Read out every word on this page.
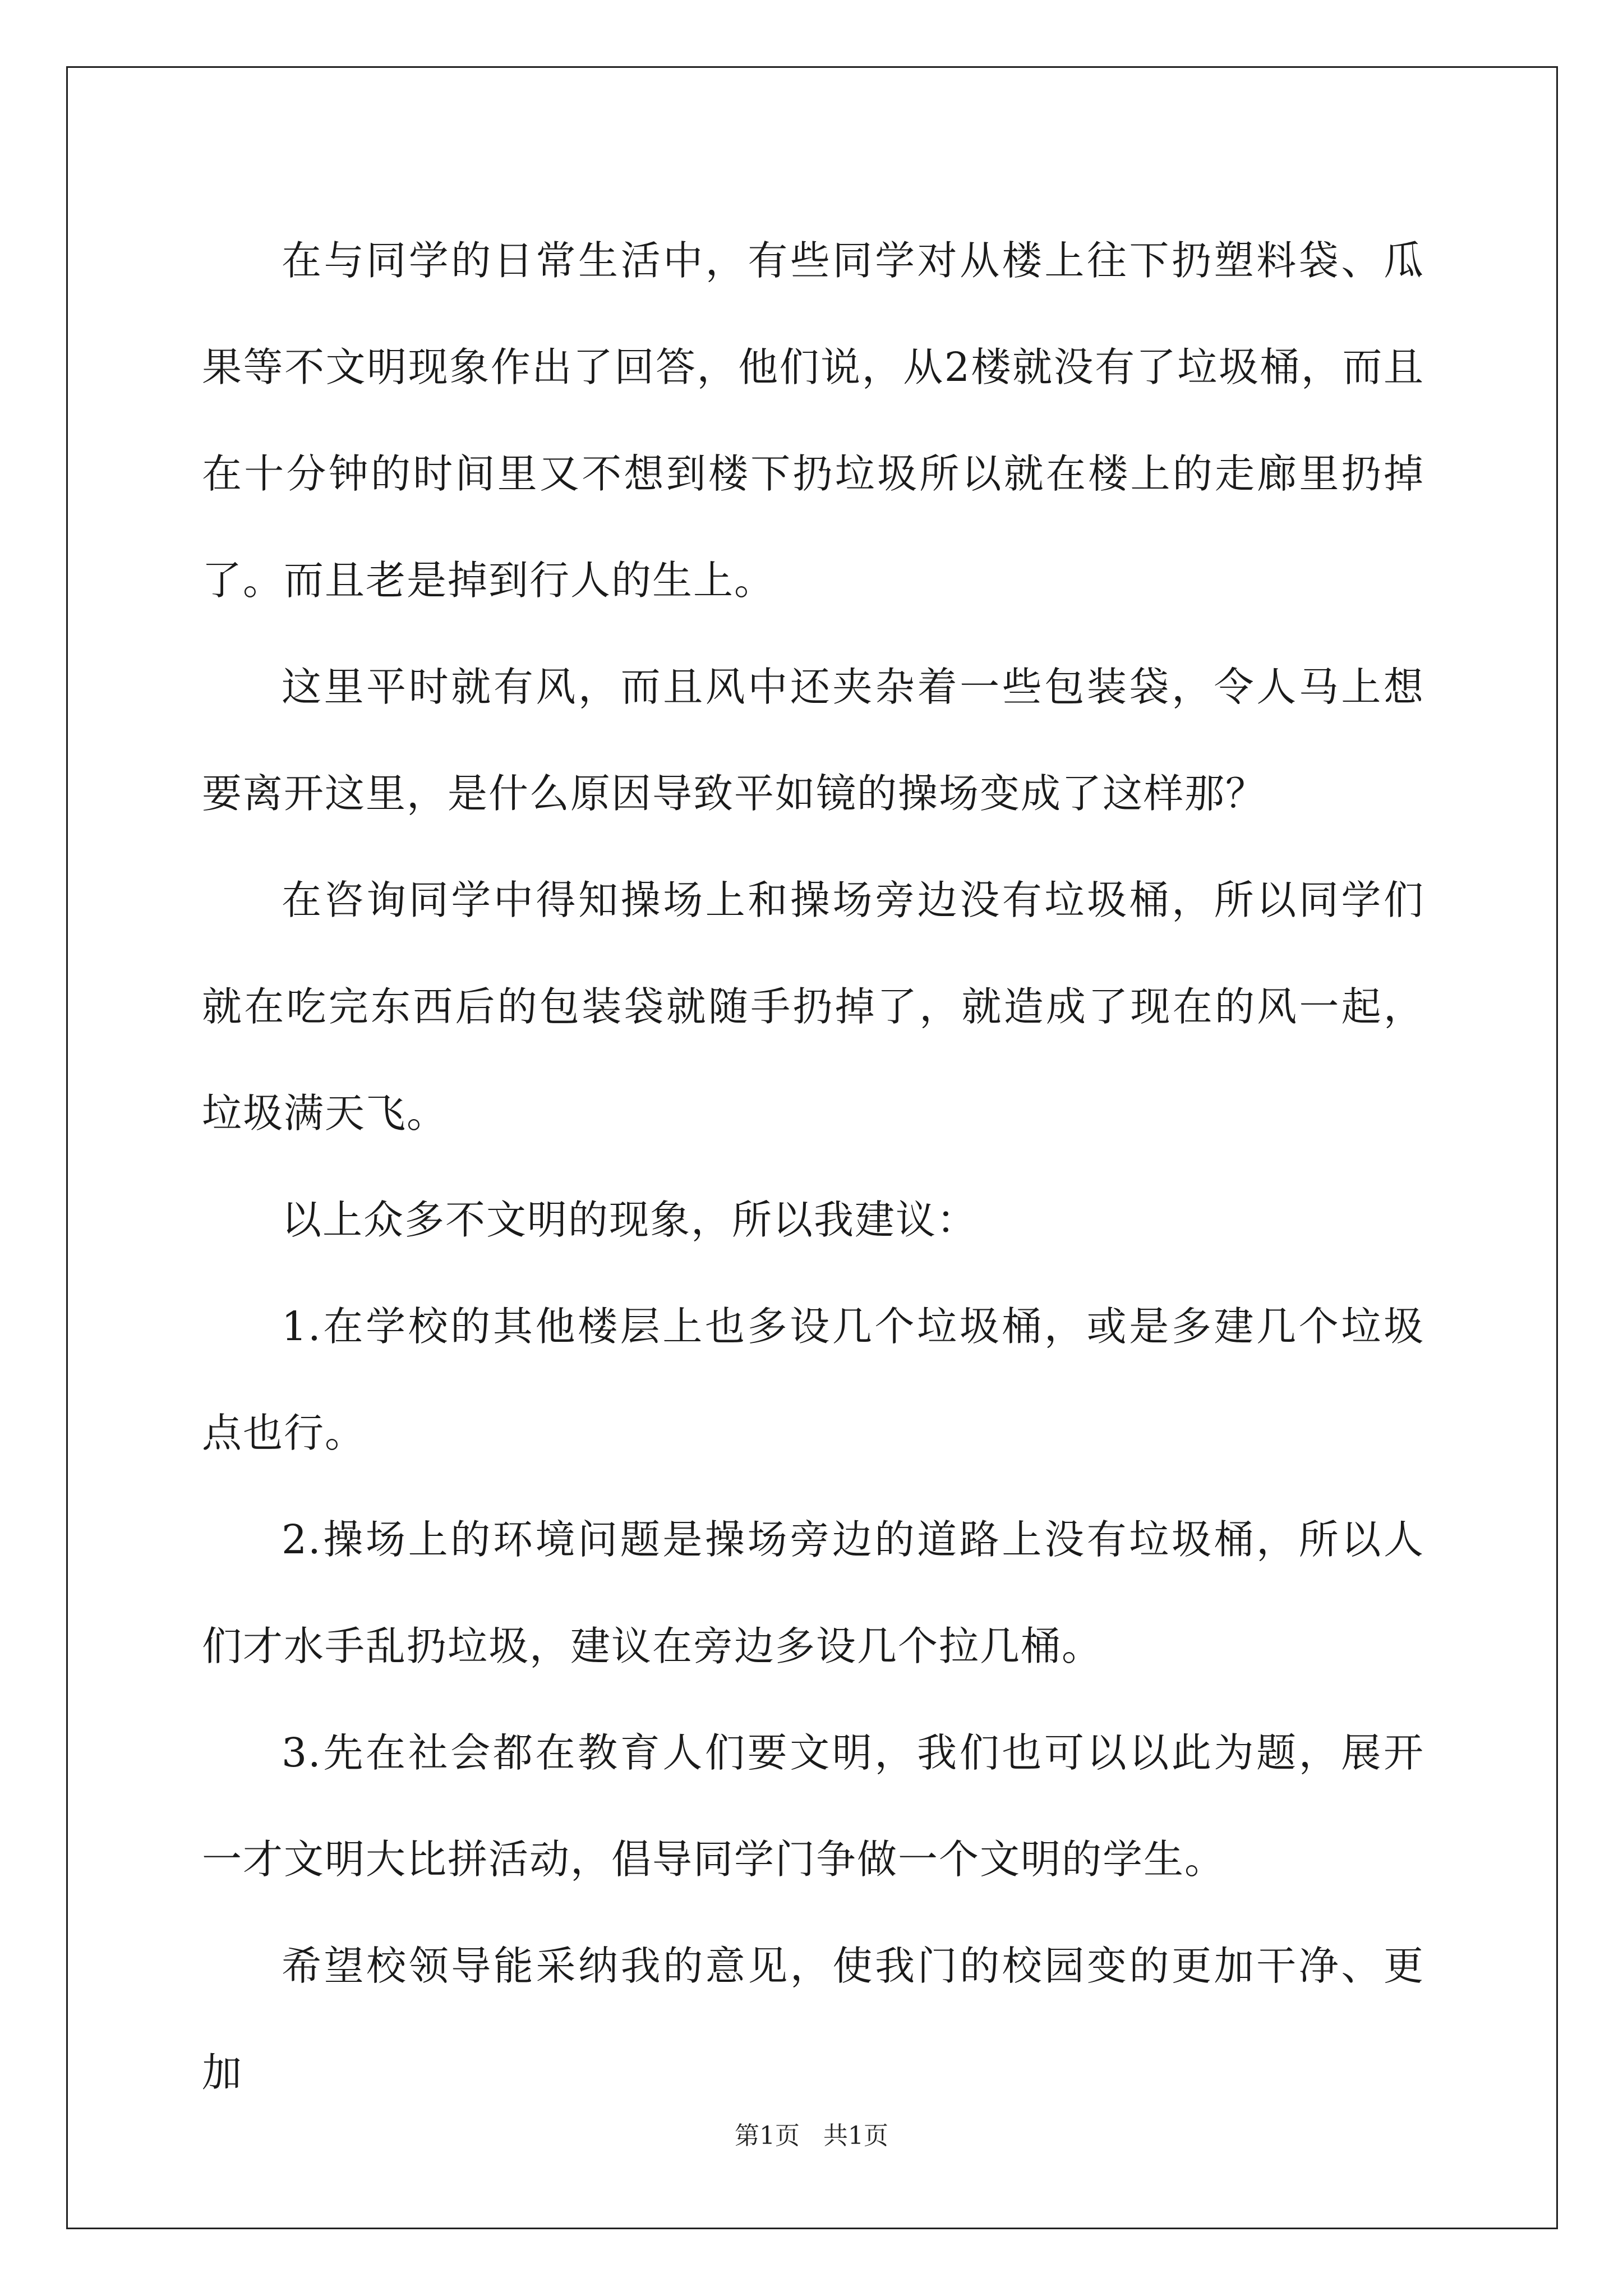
在与同学的日常生活中，有些同学对从楼上往下扔塑料袋、瓜果等不文明现象作出了回答，他们说，从2楼就没有了垃圾桶，而且在十分钟的时间里又不想到楼下扔垃圾所以就在楼上的走廊里扔掉了。而且老是掉到行人的生上。

这里平时就有风，而且风中还夹杂着一些包装袋，令人马上想要离开这里，是什么原因导致平如镜的操场变成了这样那？

在咨询同学中得知操场上和操场旁边没有垃圾桶，所以同学们就在吃完东西后的包装袋就随手扔掉了，就造成了现在的风一起，垃圾满天飞。

以上众多不文明的现象，所以我建议：

1.在学校的其他楼层上也多设几个垃圾桶，或是多建几个垃圾点也行。

2.操场上的环境问题是操场旁边的道路上没有垃圾桶，所以人们才水手乱扔垃圾，建议在旁边多设几个拉几桶。

3.先在社会都在教育人们要文明，我们也可以以此为题，展开一才文明大比拼活动，倡导同学门争做一个文明的学生。

希望校领导能采纳我的意见，使我门的校园变的更加干净、更加

第1页   共1页
